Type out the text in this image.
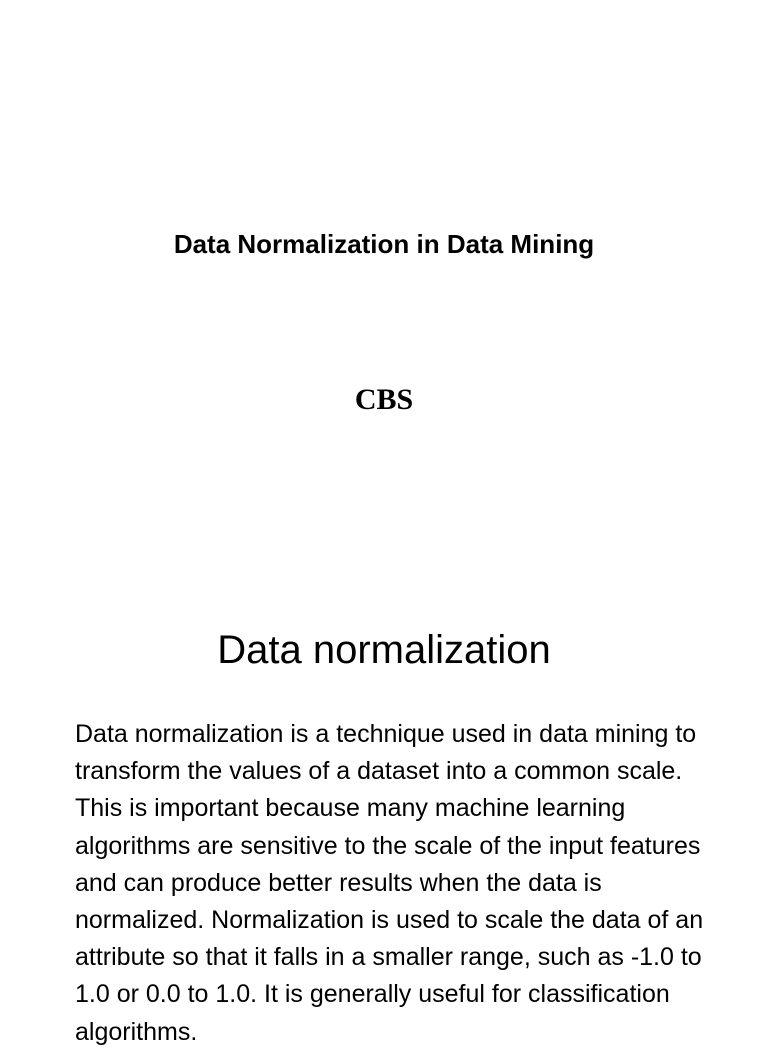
Data Normalization in Data Mining
CBS
Data normalization

Data normalization is a technique used in data mining to transform the values of a dataset into a common scale. This is important because many machine learning algorithms are sensitive to the scale of the input features and can produce better results when the data is normalized. Normalization is used to scale the data of an attribute so that it falls in a smaller range, such as -1.0 to 1.0 or 0.0 to 1.0. It is generally useful for classification algorithms.
